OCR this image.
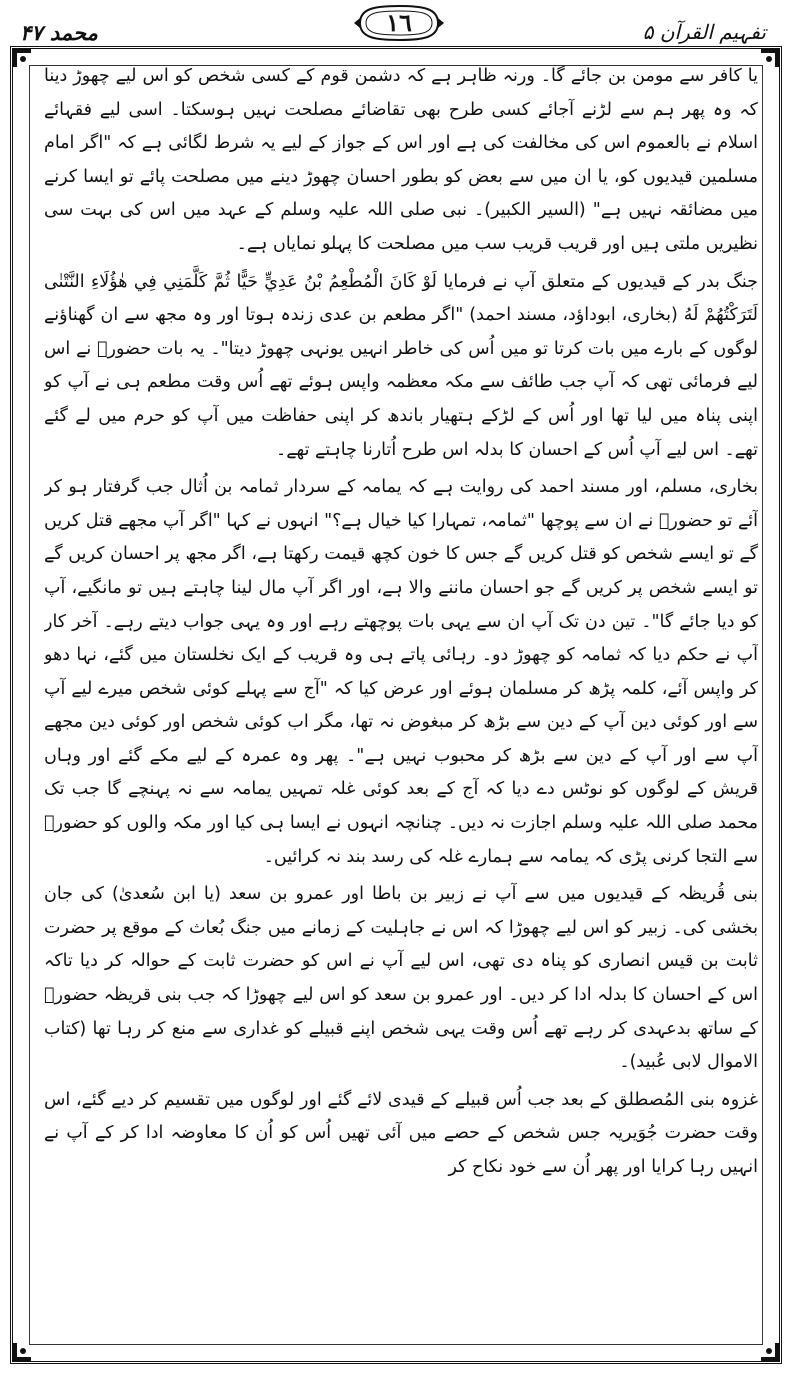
تفہیم القرآن ۵
١٦
محمد ۴۷

یا کافر سے مومن بن جائے گا۔ ورنہ ظاہر ہے کہ دشمن قوم کے کسی شخص کو اس لیے چھوڑ دینا کہ وہ پھر ہم سے لڑنے آجائے کسی طرح بھی تقاضائے مصلحت نہیں ہوسکتا۔ اسی لیے فقہائے اسلام نے بالعموم اس کی مخالفت کی ہے اور اس کے جواز کے لیے یہ شرط لگائی ہے کہ "اگر امام مسلمین قیدیوں کو، یا ان میں سے بعض کو بطور احسان چھوڑ دینے میں مصلحت پائے تو ایسا کرنے میں مضائقہ نہیں ہے" (السیر الکبیر)۔ نبی صلی اللہ علیہ وسلم کے عہد میں اس کی بہت سی نظیریں ملتی ہیں اور قریب قریب سب میں مصلحت کا پہلو نمایاں ہے۔

جنگ بدر کے قیدیوں کے متعلق آپ نے فرمایا لَوْ كَانَ الْمُطْعِمُ بْنُ عَدِيٍّ حَيًّا ثُمَّ كَلَّمَنِي فِي هٰؤُلَاءِ النَّتْنٰى لَتَرَكْتُهُمْ لَهُ (بخاری، ابوداؤد، مسند احمد) "اگر مطعم بن عدی زندہ ہوتا اور وہ مجھ سے ان گھناؤنے لوگوں کے بارے میں بات کرتا تو میں اُس کی خاطر انہیں یونہی چھوڑ دیتا"۔ یہ بات حضورؐ نے اس لیے فرمائی تھی کہ آپ جب طائف سے مکہ معظمہ واپس ہوئے تھے اُس وقت مطعم ہی نے آپ کو اپنی پناہ میں لیا تھا اور اُس کے لڑکے ہتھیار باندھ کر اپنی حفاظت میں آپ کو حرم میں لے گئے تھے۔ اس لیے آپ اُس کے احسان کا بدلہ اس طرح اُتارنا چاہتے تھے۔

بخاری، مسلم، اور مسند احمد کی روایت ہے کہ یمامہ کے سردار ثمامہ بن اُثال جب گرفتار ہو کر آئے تو حضورؐ نے ان سے پوچھا "ثمامہ، تمہارا کیا خیال ہے؟" انہوں نے کہا "اگر آپ مجھے قتل کریں گے تو ایسے شخص کو قتل کریں گے جس کا خون کچھ قیمت رکھتا ہے، اگر مجھ پر احسان کریں گے تو ایسے شخص پر کریں گے جو احسان ماننے والا ہے، اور اگر آپ مال لینا چاہتے ہیں تو مانگیے، آپ کو دیا جائے گا"۔ تین دن تک آپ ان سے یہی بات پوچھتے رہے اور وہ یہی جواب دیتے رہے۔ آخر کار آپ نے حکم دیا کہ ثمامہ کو چھوڑ دو۔ رہائی پاتے ہی وہ قریب کے ایک نخلستان میں گئے، نہا دھو کر واپس آئے، کلمہ پڑھ کر مسلمان ہوئے اور عرض کیا کہ "آج سے پہلے کوئی شخص میرے لیے آپ سے اور کوئی دین آپ کے دین سے بڑھ کر مبغوض نہ تھا، مگر اب کوئی شخص اور کوئی دین مجھے آپ سے اور آپ کے دین سے بڑھ کر محبوب نہیں ہے"۔ پھر وہ عمرہ کے لیے مکے گئے اور وہاں قریش کے لوگوں کو نوٹس دے دیا کہ آج کے بعد کوئی غلہ تمہیں یمامہ سے نہ پہنچے گا جب تک محمد صلی اللہ علیہ وسلم اجازت نہ دیں۔ چنانچہ انہوں نے ایسا ہی کیا اور مکہ والوں کو حضورؐ سے التجا کرنی پڑی کہ یمامہ سے ہمارے غلہ کی رسد بند نہ کرائیں۔

بنی قُریظہ کے قیدیوں میں سے آپ نے زبیر بن باطا اور عمرو بن سعد (یا ابن سُعدیٰ) کی جان بخشی کی۔ زبیر کو اس لیے چھوڑا کہ اس نے جاہلیت کے زمانے میں جنگ بُعاث کے موقع پر حضرت ثابت بن قیس انصاری کو پناہ دی تھی، اس لیے آپ نے اس کو حضرت ثابت کے حوالہ کر دیا تاکہ اس کے احسان کا بدلہ ادا کر دیں۔ اور عمرو بن سعد کو اس لیے چھوڑا کہ جب بنی قریظہ حضورؐ کے ساتھ بدعہدی کر رہے تھے اُس وقت یہی شخص اپنے قبیلے کو غداری سے منع کر رہا تھا (کتاب الاموال لابی عُبید)۔

غزوہ بنی المُصطلق کے بعد جب اُس قبیلے کے قیدی لائے گئے اور لوگوں میں تقسیم کر دیے گئے، اس وقت حضرت جُوَیریہ جس شخص کے حصے میں آئی تھیں اُس کو اُن کا معاوضہ ادا کر کے آپ نے انہیں رہا کرایا اور پھر اُن سے خود نکاح کر
